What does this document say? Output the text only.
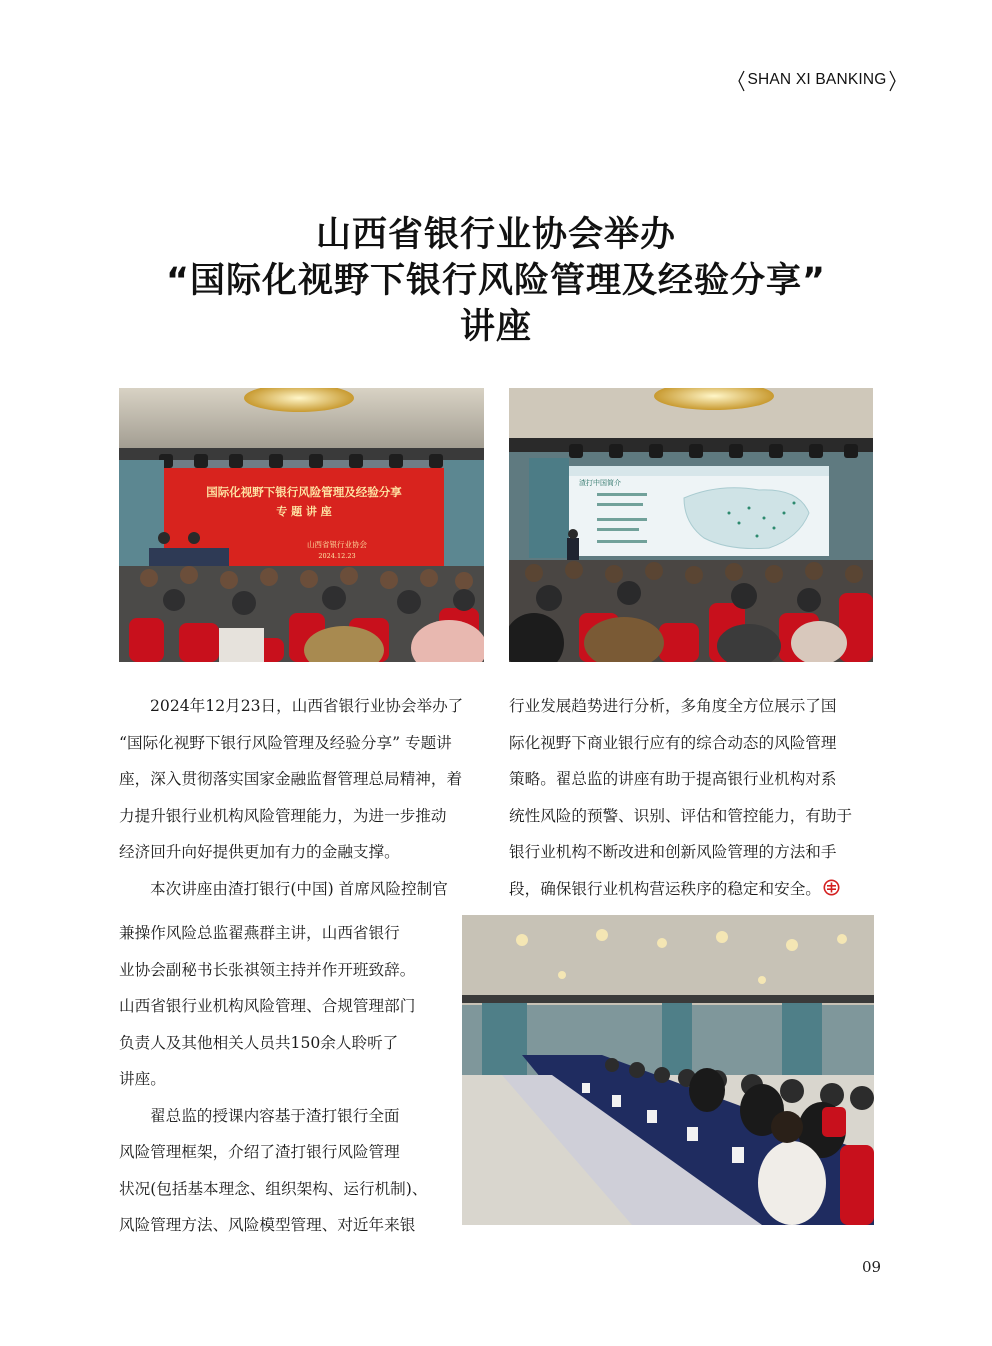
SHAN XI BANKING
山西省银行业协会举办
“国际化视野下银行风险管理及经验分享”
讲座
国际化视野下银行风险管理及经验分享
专 题 讲 座
山西省银行业协会
2024.12.23
渣打中国简介

2024年12月23日，山西省银行业协会举办了
“国际化视野下银行风险管理及经验分享” 专题讲
座，深入贯彻落实国家金融监督管理总局精神，着
力提升银行业机构风险管理能力，为进一步推动
经济回升向好提供更加有力的金融支撑。

本次讲座由渣打银行(中国) 首席风险控制官

兼操作风险总监翟燕群主讲，山西省银行
业协会副秘书长张祺领主持并作开班致辞。
山西省银行业机构风险管理、合规管理部门
负责人及其他相关人员共150余人聆听了
讲座。

翟总监的授课内容基于渣打银行全面
风险管理框架，介绍了渣打银行风险管理
状况(包括基本理念、组织架构、运行机制)、
风险管理方法、风险模型管理、对近年来银

行业发展趋势进行分析，多角度全方位展示了国
际化视野下商业银行应有的综合动态的风险管理
策略。翟总监的讲座有助于提高银行业机构对系
统性风险的预警、识别、评估和管控能力，有助于
银行业机构不断改进和创新风险管理的方法和手
段，确保银行业机构营运秩序的稳定和安全。

09
